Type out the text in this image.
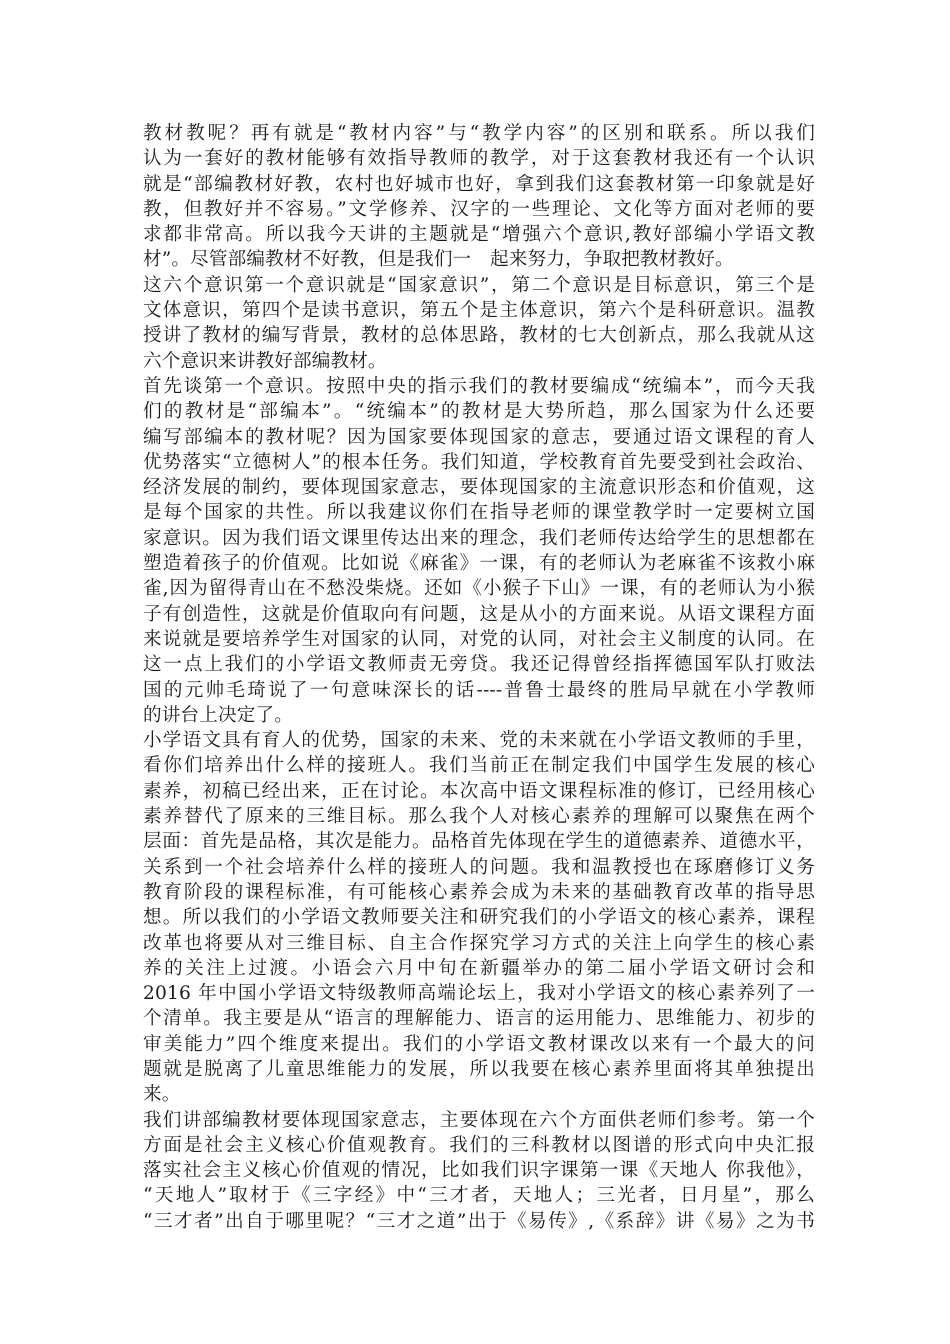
教材教呢？再有就是“教材内容”与“教学内容”的区别和联系。所以我们
认为一套好的教材能够有效指导教师的教学，对于这套教材我还有一个认识
就是“部编教材好教，农村也好城市也好，拿到我们这套教材第一印象就是好
教，但教好并不容易。”文学修养、汉字的一些理论、文化等方面对老师的要
求都非常高。所以我今天讲的主题就是“增强六个意识,教好部编小学语文教
材”。尽管部编教材不好教，但是我们一　起来努力，争取把教材教好。
这六个意识第一个意识就是“国家意识”，第二个意识是目标意识，第三个是
文体意识，第四个是读书意识，第五个是主体意识，第六个是科研意识。温教
授讲了教材的编写背景，教材的总体思路，教材的七大创新点，那么我就从这
六个意识来讲教好部编教材。
首先谈第一个意识。按照中央的指示我们的教材要编成“统编本”，而今天我
们的教材是“部编本”。“统编本”的教材是大势所趋，那么国家为什么还要
编写部编本的教材呢？因为国家要体现国家的意志，要通过语文课程的育人
优势落实“立德树人”的根本任务。我们知道，学校教育首先要受到社会政治、
经济发展的制约，要体现国家意志，要体现国家的主流意识形态和价值观，这
是每个国家的共性。所以我建议你们在指导老师的课堂教学时一定要树立国
家意识。因为我们语文课里传达出来的理念，我们老师传达给学生的思想都在
塑造着孩子的价值观。比如说《麻雀》一课，有的老师认为老麻雀不该救小麻
雀,因为留得青山在不愁没柴烧。还如《小猴子下山》一课，有的老师认为小猴
子有创造性，这就是价值取向有问题，这是从小的方面来说。从语文课程方面
来说就是要培养学生对国家的认同，对党的认同，对社会主义制度的认同。在
这一点上我们的小学语文教师责无旁贷。我还记得曾经指挥德国军队打败法
国的元帅毛琦说了一句意味深长的话----普鲁士最终的胜局早就在小学教师
的讲台上决定了。
小学语文具有育人的优势，国家的未来、党的未来就在小学语文教师的手里，
看你们培养出什么样的接班人。我们当前正在制定我们中国学生发展的核心
素养，初稿已经出来，正在讨论。本次高中语文课程标准的修订，已经用核心
素养替代了原来的三维目标。那么我个人对核心素养的理解可以聚焦在两个
层面：首先是品格，其次是能力。品格首先体现在学生的道德素养、道德水平，
关系到一个社会培养什么样的接班人的问题。我和温教授也在琢磨修订义务
教育阶段的课程标准，有可能核心素养会成为未来的基础教育改革的指导思
想。所以我们的小学语文教师要关注和研究我们的小学语文的核心素养，课程
改革也将要从对三维目标、自主合作探究学习方式的关注上向学生的核心素
养的关注上过渡。小语会六月中旬在新疆举办的第二届小学语文研讨会和
2016 年中国小学语文特级教师高端论坛上，我对小学语文的核心素养列了一
个清单。我主要是从“语言的理解能力、语言的运用能力、思维能力、初步的
审美能力”四个维度来提出。我们的小学语文教材课改以来有一个最大的问
题就是脱离了儿童思维能力的发展，所以我要在核心素养里面将其单独提出
来。
我们讲部编教材要体现国家意志，主要体现在六个方面供老师们参考。第一个
方面是社会主义核心价值观教育。我们的三科教材以图谱的形式向中央汇报
落实社会主义核心价值观的情况，比如我们识字课第一课《天地人 你我他》，
“天地人”取材于《三字经》中“三才者，天地人；三光者，日月星”，那么
“三才者”出自于哪里呢？“三才之道”出于《易传》,《系辞》讲《易》之为书
